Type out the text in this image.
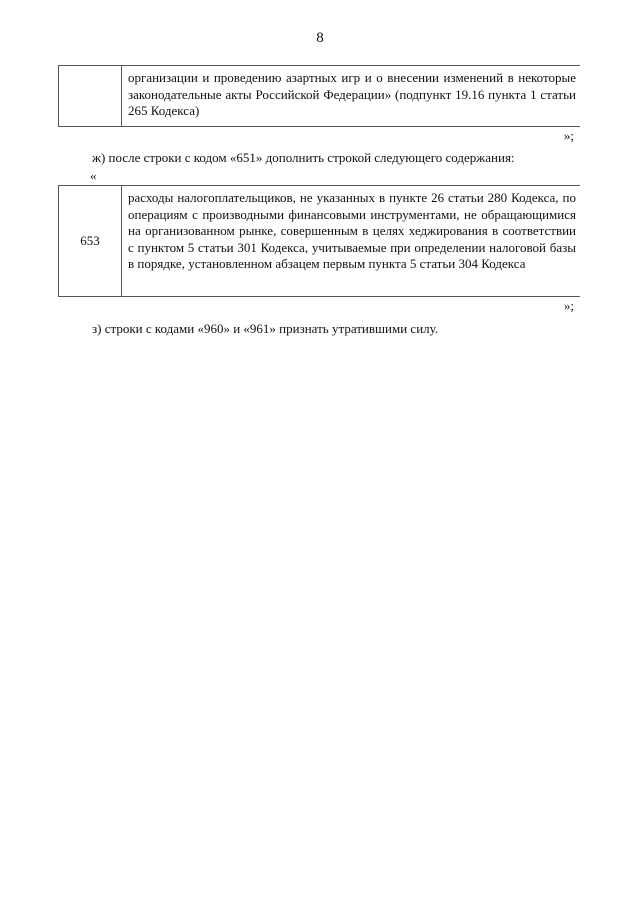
8
организации и проведению азартных игр и о внесении изменений в некоторые законодательные акты Российской Федерации» (подпункт 19.16 пункта 1 статьи 265 Кодекса)
»;
ж) после строки с кодом «651» дополнить строкой следующего содержания:
«
653
расходы налогоплательщиков, не указанных в пункте 26 статьи 280 Кодекса, по операциям с производными финансовыми инструментами, не обращающимися на организованном рынке, совершенным в целях хеджирования в соответствии с пунктом 5 статьи 301 Кодекса, учитываемые при определении налоговой базы в порядке, установленном абзацем первым пункта 5 статьи 304 Кодекса
»;
з) строки с кодами «960» и «961» признать утратившими силу.
